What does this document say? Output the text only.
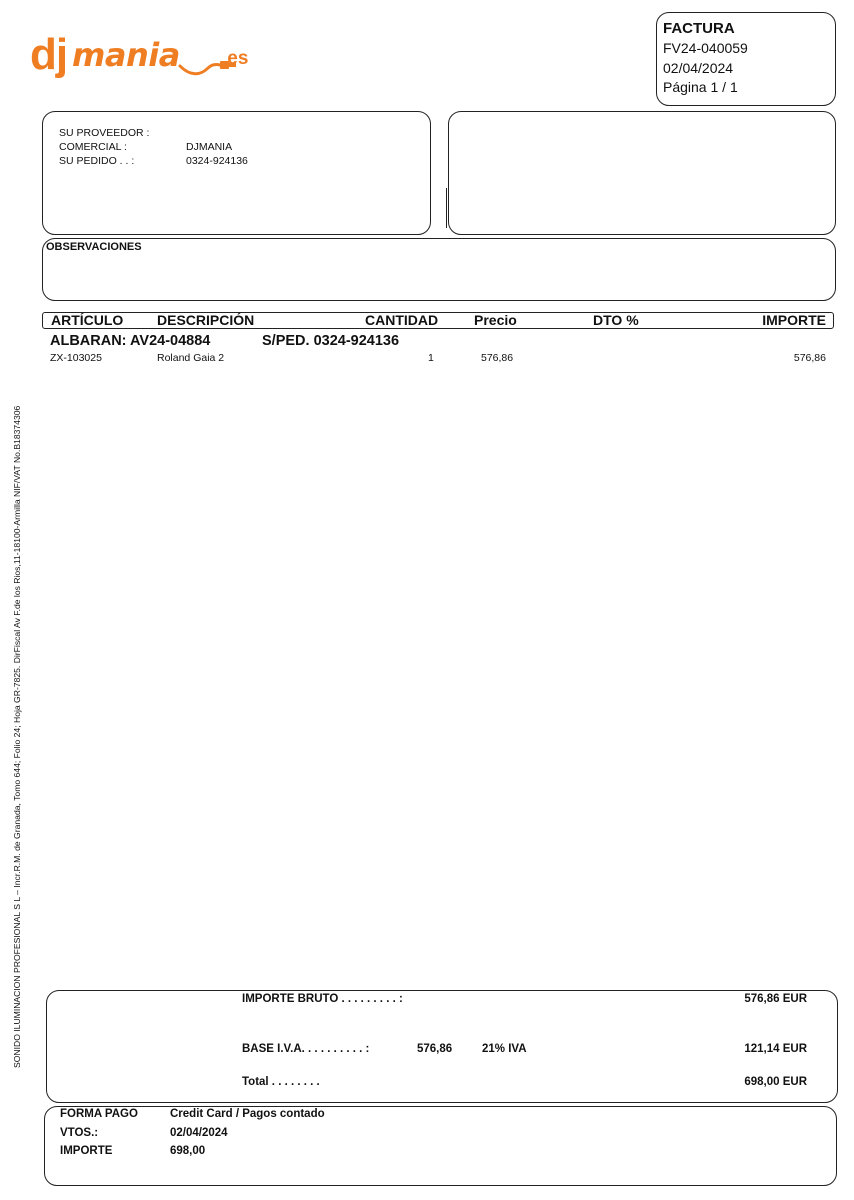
dj mania .es
FACTURA
FV24-040059
02/04/2024
Página 1 / 1
SU PROVEEDOR :
COMERCIAL :	DJMANIA
SU PEDIDO . . :	0324-924136
OBSERVACIONES
ARTÍCULO DESCRIPCIÓN	CANTIDAD	Precio	DTO %	IMPORTE
ALBARAN: AV24-04884	S/PED. 0324-924136
ZX-103025	Roland Gaia 2	1	576,86	576,86
SONIDO ILUMINACION PROFESIONAL S L – Incr.R.M. de Granada, Tomo 644; Folio 24; Hoja GR-7825. DirFiscal Av F.de los Rios,11-18100-Armilla NIF/VAT No.B18374306	IMPORTE BRUTO . . . . . . . . . :	576,86 EUR
BASE I.V.A. . . . . . . . . . :	576,86	21% IVA	121,14 EUR
Total . . . . . . . .	698,00 EUR
FORMA PAGO	Credit Card / Pagos contado
VTOS.:	02/04/2024
IMPORTE	698,00
